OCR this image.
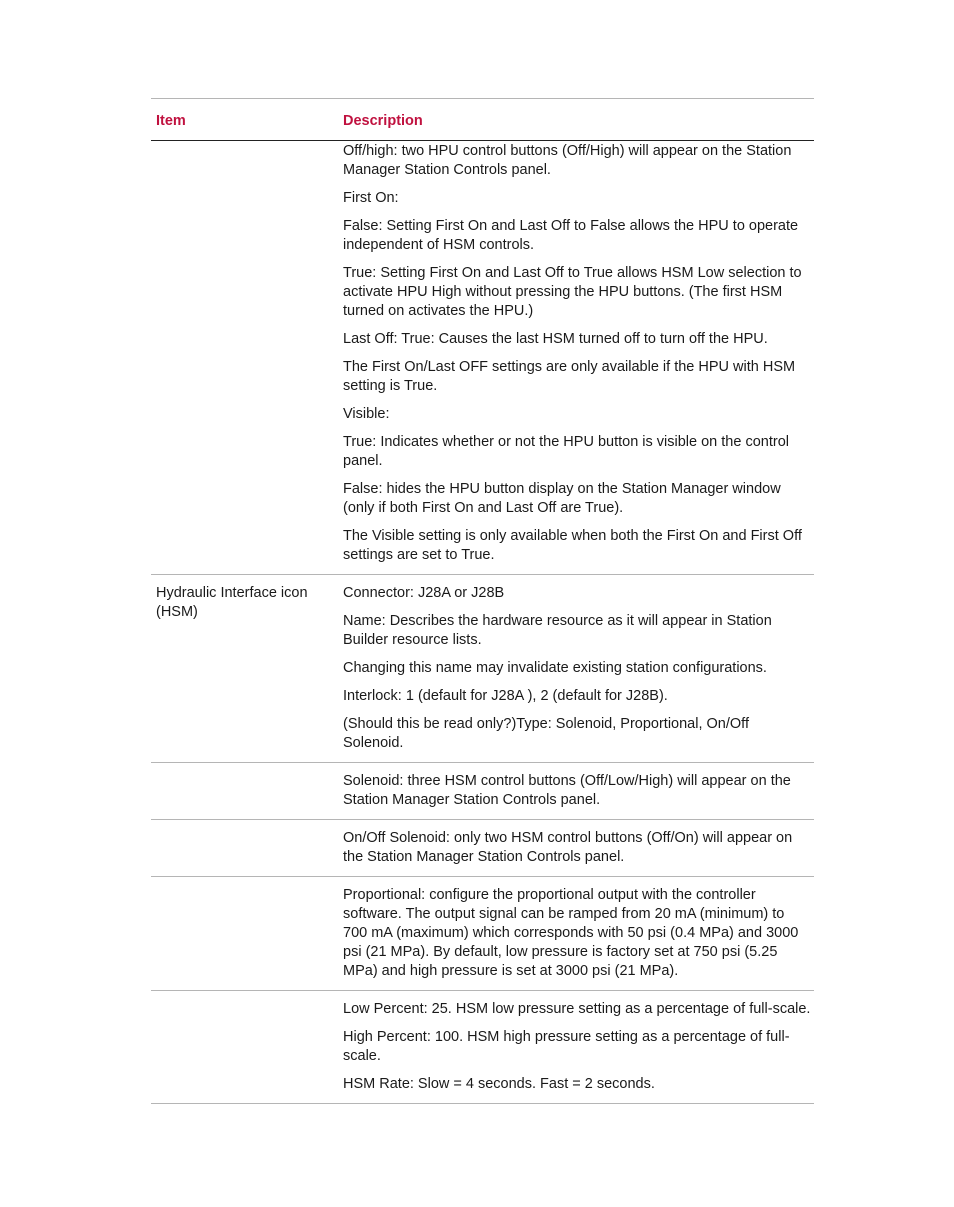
Item	Description

Off/high: two HPU control buttons (Off/High) will appear on the Station Manager Station Controls panel.

First On:

False: Setting First On and Last Off to False allows the HPU to operate independent of HSM controls.

True: Setting First On and Last Off to True allows HSM Low selection to activate HPU High without pressing the HPU buttons. (The first HSM turned on activates the HPU.)

Last Off: True: Causes the last HSM turned off to turn off the HPU.

The First On/Last OFF settings are only available if the HPU with HSM setting is True.

Visible:

True: Indicates whether or not the HPU button is visible on the control panel.

False: hides the HPU button display on the Station Manager window (only if both First On and Last Off are True).

The Visible setting is only available when both the First On and First Off settings are set to True.

Hydraulic Interface icon (HSM)

Connector: J28A or J28B

Name: Describes the hardware resource as it will appear in Station Builder resource lists.

Changing this name may invalidate existing station configurations.

Interlock: 1 (default for J28A ), 2 (default for J28B).

(Should this be read only?)Type: Solenoid, Proportional, On/Off Solenoid.

Solenoid: three HSM control buttons (Off/Low/High) will appear on the Station Manager Station Controls panel.

On/Off Solenoid: only two HSM control buttons (Off/On) will appear on the Station Manager Station Controls panel.

Proportional: configure the proportional output with the controller software. The output signal can be ramped from 20 mA (minimum) to 700 mA (maximum) which corresponds with 50 psi (0.4 MPa) and 3000 psi (21 MPa). By default, low pressure is factory set at 750 psi (5.25 MPa) and high pressure is set at 3000 psi (21 MPa).

Low Percent: 25. HSM low pressure setting as a percentage of full-scale.

High Percent: 100. HSM high pressure setting as a percentage of full-scale.

HSM Rate: Slow = 4 seconds. Fast = 2 seconds.
